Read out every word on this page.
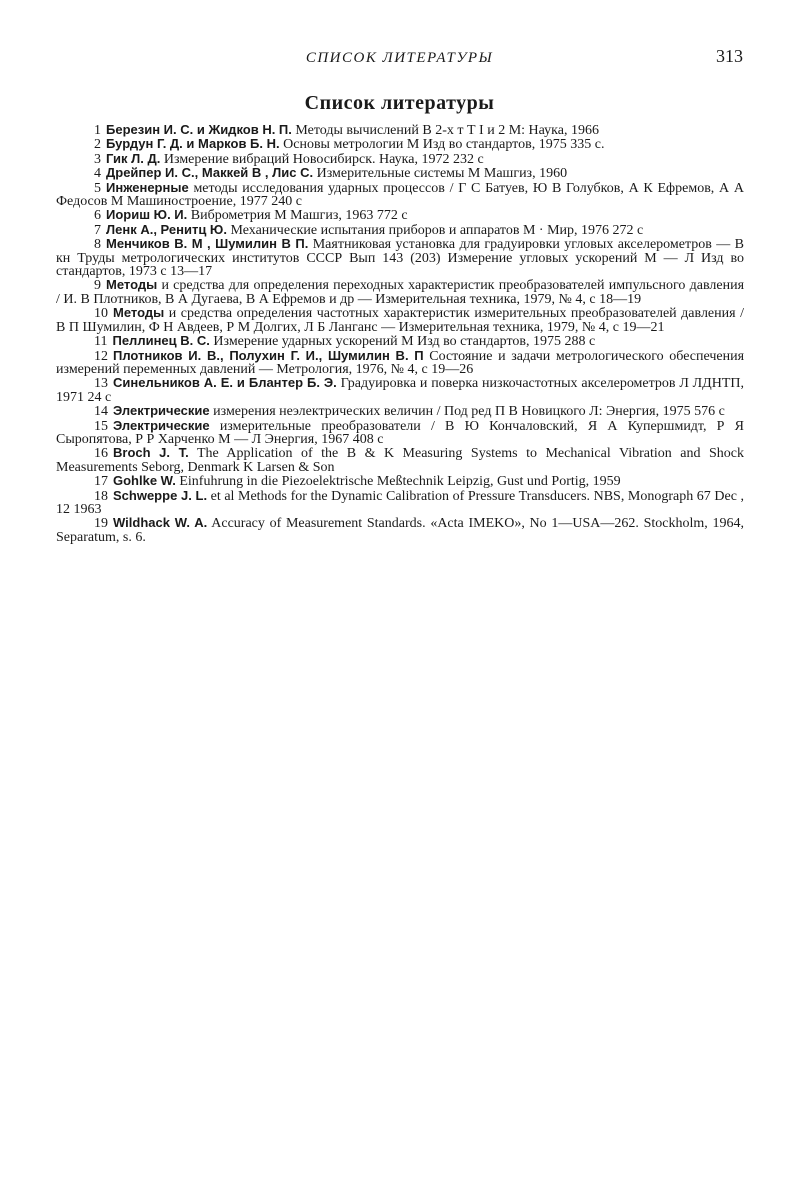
СПИСОК ЛИТЕРАТУРЫ	313
Список литературы

1 Березин И. С. и Жидков Н. П. Методы вычислений В 2-х т Т I и 2 М: Наука, 1966

2 Бурдун Г. Д. и Марков Б. Н. Основы метрологии М Изд во стандартов, 1975 335 с.

3 Гик Л. Д. Измерение вибраций Новосибирск. Наука, 1972 232 с

4 Дрейпер И. С., Маккей В , Лис С. Измерительные системы М Машгиз, 1960

5 Инженерные методы исследования ударных процессов / Г С Батуев, Ю В Голубков, А К Ефремов, А А Федосов М Машиностроение, 1977 240 с

6 Иориш Ю. И. Виброметрия М Машгиз, 1963 772 с

7 Ленк А., Ренитц Ю. Механические испытания приборов и аппаратов М · Мир, 1976 272 с

8 Менчиков В. М , Шумилин В П. Маятниковая установка для градуировки угловых акселерометров — В кн Труды метрологических институтов СССР Вып 143 (203) Измерение угловых ускорений М — Л Изд во стандартов, 1973 с 13—17

9 Методы и средства для определения переходных характеристик преобразователей импульсного давления / И. В Плотников, В А Дугаева, В А Ефремов и др — Измерительная техника, 1979, № 4, с 18—19

10 Методы и средства определения частотных характеристик измерительных преобразователей давления / В П Шумилин, Ф Н Авдеев, Р М Долгих, Л Б Ланганс — Измерительная техника, 1979, № 4, с 19—21

11 Пеллинец В. С. Измерение ударных ускорений М Изд во стандартов, 1975 288 с

12 Плотников И. В., Полухин Г. И., Шумилин В. П Состояние и задачи метрологического обеспечения измерений переменных давлений — Метрология, 1976, № 4, с 19—26

13 Синельников А. Е. и Блантер Б. Э. Градуировка и поверка низкочастотных акселерометров Л ЛДНТП, 1971 24 с

14 Электрические измерения неэлектрических величин / Под ред П В Новицкого Л: Энергия, 1975 576 с

15 Электрические измерительные преобразователи / В Ю Кончаловский, Я А Купершмидт, Р Я Сыропятова, Р Р Харченко М — Л Энергия, 1967 408 с

16 Broch J. T. The Application of the B & K Measuring Systems to Mechanical Vibration and Shock Measurements Seborg, Denmark K Larsen & Son

17 Gohlke W. Einfuhrung in die Piezoelektrische Meßtechnik Leipzig, Gust und Portig, 1959

18 Schweppe J. L. et al Methods for the Dynamic Calibration of Pressure Transducers. NBS, Monograph 67 Dec , 12 1963

19 Wildhack W. A. Accuracy of Measurement Standards. «Acta IMEKO», No 1—USA—262. Stockholm, 1964, Separatum, s. 6.
